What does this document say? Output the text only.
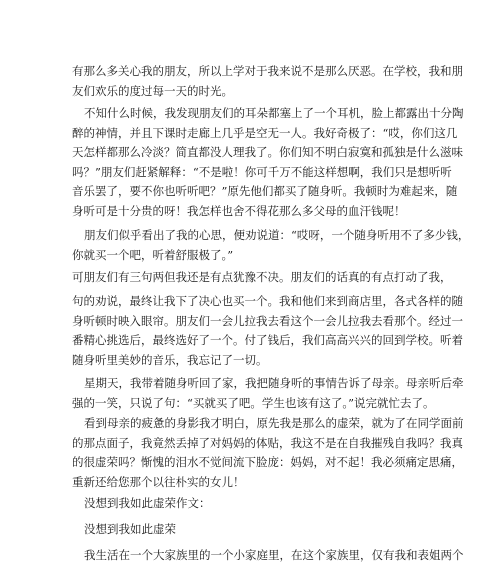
有那么多关心我的朋友，所以上学对于我来说不是那么厌恶。在学校，我和朋
友们欢乐的度过每一天的时光。

不知什么时候，我发现朋友们的耳朵都塞上了一个耳机，脸上都露出十分陶
醉的神情，并且下课时走廊上几乎是空无一人。我好奇极了：“哎，你们这几
天怎样都那么冷淡？简直都没人理我了。你们知不明白寂寞和孤独是什么滋味
吗？”朋友们赶紧解释：“不是啦！你可千万不能这样想啊，我们只是想听听
音乐罢了，要不你也听听吧？”原先他们都买了随身听。我顿时为难起来，随
身听可是十分贵的呀！我怎样也舍不得花那么多父母的血汗钱呢！

朋友们似乎看出了我的心思，便劝说道：“哎呀，一个随身听用不了多少钱，
你就买一个吧，听着舒服极了。”

可朋友们有三句两但我还是有点犹豫不决。朋友们的话真的有点打动了我，

句的劝说，最终让我下了决心也买一个。我和他们来到商店里，各式各样的随
身听顿时映入眼帘。朋友们一会儿拉我去看这个一会儿拉我去看那个。经过一
番精心挑选后，最终选好了一个。付了钱后，我们高高兴兴的回到学校。听着
随身听里美妙的音乐，我忘记了一切。

星期天，我带着随身听回了家，我把随身听的事情告诉了母亲。母亲听后牵
强的一笑，只说了句：“买就买了吧。学生也该有这了。”说完就忙去了。

看到母亲的疲惫的身影我才明白，原先我是那么的虚荣，就为了在同学面前
的那点面子，我竟然丢掉了对妈妈的体贴，我这不是在自我摧残自我吗？我真
的很虚荣吗？惭愧的泪水不觉间流下脸庞：妈妈，对不起！我必须痛定思痛，
重新还给您那个以往朴实的女儿！

没想到我如此虚荣作文：

没想到我如此虚荣

我生活在一个大家族里的一个小家庭里，在这个家族里，仅有我和表姐两个
